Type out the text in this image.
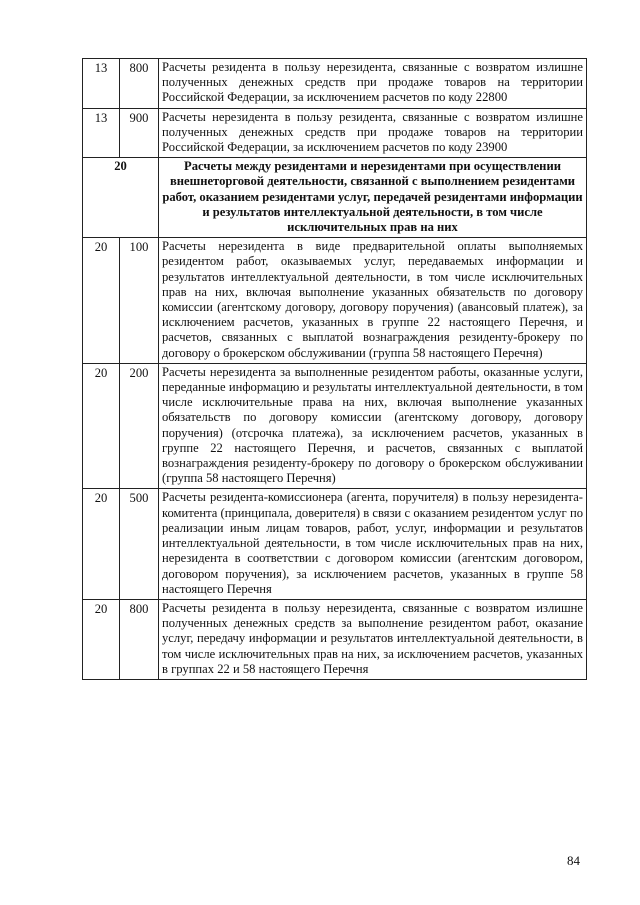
13	800	Расчеты резидента в пользу нерезидента, связанные с возвратом излишне полученных денежных средств при продаже товаров на территории Российской Федерации, за исключением расчетов по коду 22800
13	900	Расчеты нерезидента в пользу резидента, связанные с возвратом излишне полученных денежных средств при продаже товаров на территории Российской Федерации, за исключением расчетов по коду 23900
20		Расчеты между резидентами и нерезидентами при осуществлении внешнеторговой деятельности, связанной с выполнением резидентами работ, оказанием резидентами услуг, передачей резидентами информации и результатов интеллектуальной деятельности, в том числе исключительных прав на них
20	100	Расчеты нерезидента в виде предварительной оплаты выполняемых резидентом работ, оказываемых услуг, передаваемых информации и результатов интеллектуальной деятельности, в том числе исключительных прав на них, включая выполнение указанных обязательств по договору комиссии (агентскому договору, договору поручения) (авансовый платеж), за исключением расчетов, указанных в группе 22 настоящего Перечня, и расчетов, связанных с выплатой вознаграждения резиденту-брокеру по договору о брокерском обслуживании (группа 58 настоящего Перечня)
20	200	Расчеты нерезидента за выполненные резидентом работы, оказанные услуги, переданные информацию и результаты интеллектуальной деятельности, в том числе исключительные права на них, включая выполнение указанных обязательств по договору комиссии (агентскому договору, договору поручения) (отсрочка платежа), за исключением расчетов, указанных в группе 22 настоящего Перечня, и расчетов, связанных с выплатой вознаграждения резиденту-брокеру по договору о брокерском обслуживании (группа 58 настоящего Перечня)
20	500	Расчеты резидента-комиссионера (агента, поручителя) в пользу нерезидента-комитента (принципала, доверителя) в связи с оказанием резидентом услуг по реализации иным лицам товаров, работ, услуг, информации и результатов интеллектуальной деятельности, в том числе исключительных прав на них, нерезидента в соответствии с договором комиссии (агентским договором, договором поручения), за исключением расчетов, указанных в группе 58 настоящего Перечня
20	800	Расчеты резидента в пользу нерезидента, связанные с возвратом излишне полученных денежных средств за выполнение резидентом работ, оказание услуг, передачу информации и результатов интеллектуальной деятельности, в том числе исключительных прав на них, за исключением расчетов, указанных в группах 22 и 58 настоящего Перечня
84
